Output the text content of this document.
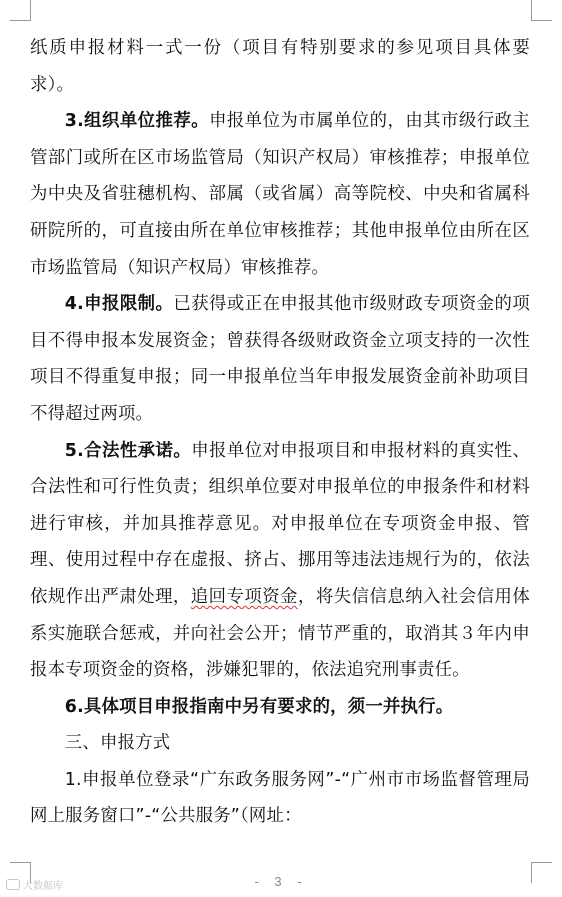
纸质申报材料一式一份（项目有特别要求的参见项目具体要求）。

3.组织单位推荐。申报单位为市属单位的，由其市级行政主管部门或所在区市场监管局（知识产权局）审核推荐；申报单位为中央及省驻穗机构、部属（或省属）高等院校、中央和省属科研院所的，可直接由所在单位审核推荐；其他申报单位由所在区市场监管局（知识产权局）审核推荐。

4.申报限制。已获得或正在申报其他市级财政专项资金的项目不得申报本发展资金；曾获得各级财政资金立项支持的一次性项目不得重复申报；同一申报单位当年申报发展资金前补助项目不得超过两项。

5.合法性承诺。申报单位对申报项目和申报材料的真实性、合法性和可行性负责；组织单位要对申报单位的申报条件和材料进行审核，并加具推荐意见。对申报单位在专项资金申报、管理、使用过程中存在虚报、挤占、挪用等违法违规行为的，依法依规作出严肃处理，追回专项资金，将失信信息纳入社会信用体系实施联合惩戒，并向社会公开；情节严重的，取消其３年内申报本专项资金的资格，涉嫌犯罪的，依法追究刑事责任。

6.具体项目申报指南中另有要求的，须一并执行。

三、申报方式

1.申报单位登录“广东政务服务网”-“广州市市场监督管理局网上服务窗口”-“公共服务”（网址：

- 3 -
大数据库
